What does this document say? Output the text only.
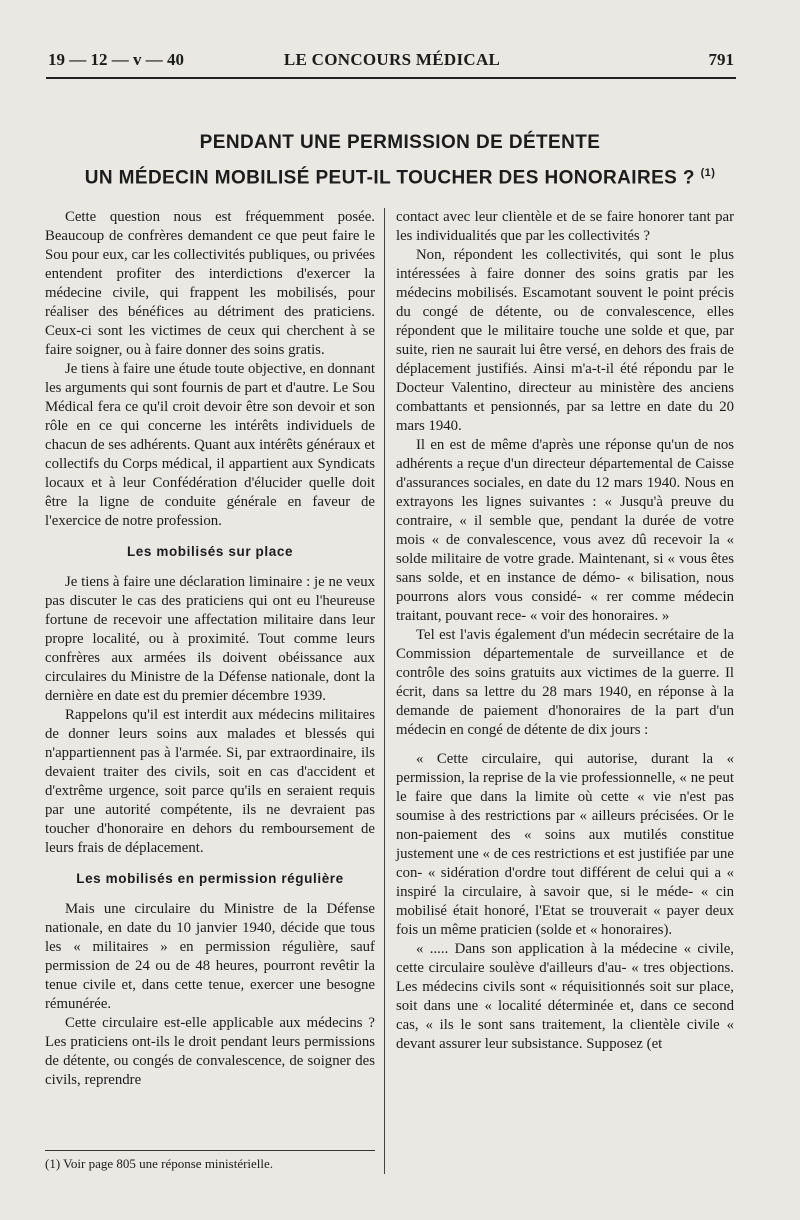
19 — 12 — v — 40	LE CONCOURS MÉDICAL	791
PENDANT UNE PERMISSION DE DÉTENTE
UN MÉDECIN MOBILISÉ PEUT-IL TOUCHER DES HONORAIRES ? $^{(1)}$

Cette question nous est fréquemment posée. Beaucoup de confrères demandent ce que peut faire le Sou pour eux, car les collectivités publiques, ou privées entendent profiter des interdictions d'exercer la médecine civile, qui frappent les mobilisés, pour réaliser des bénéfices au détriment des praticiens. Ceux-ci sont les victimes de ceux qui cherchent à se faire soigner, ou à faire donner des soins gratis.

Je tiens à faire une étude toute objective, en donnant les arguments qui sont fournis de part et d'autre. Le Sou Médical fera ce qu'il croit devoir être son devoir et son rôle en ce qui concerne les intérêts individuels de chacun de ses adhérents. Quant aux intérêts généraux et collectifs du Corps médical, il appartient aux Syndicats locaux et à leur Confédération d'élucider quelle doit être la ligne de conduite générale en faveur de l'exercice de notre profession.

Les mobilisés sur place

Je tiens à faire une déclaration liminaire : je ne veux pas discuter le cas des praticiens qui ont eu l'heureuse fortune de recevoir une affectation militaire dans leur propre localité, ou à proximité. Tout comme leurs confrères aux armées ils doivent obéissance aux circulaires du Ministre de la Défense nationale, dont la dernière en date est du premier décembre 1939.

Rappelons qu'il est interdit aux médecins militaires de donner leurs soins aux malades et blessés qui n'appartiennent pas à l'armée. Si, par extraordinaire, ils devaient traiter des civils, soit en cas d'accident et d'extrême urgence, soit parce qu'ils en seraient requis par une autorité compétente, ils ne devraient pas toucher d'honoraire en dehors du remboursement de leurs frais de déplacement.

Les mobilisés en permission régulière

Mais une circulaire du Ministre de la Défense nationale, en date du 10 janvier 1940, décide que tous les « militaires » en permission régulière, sauf permission de 24 ou de 48 heures, pourront revêtir la tenue civile et, dans cette tenue, exercer une besogne rémunérée.

Cette circulaire est-elle applicable aux médecins ? Les praticiens ont-ils le droit pendant leurs permissions de détente, ou congés de convalescence, de soigner des civils, reprendre

contact avec leur clientèle et de se faire honorer tant par les individualités que par les collectivités ?

Non, répondent les collectivités, qui sont le plus intéressées à faire donner des soins gratis par les médecins mobilisés. Escamotant souvent le point précis du congé de détente, ou de convalescence, elles répondent que le militaire touche une solde et que, par suite, rien ne saurait lui être versé, en dehors des frais de déplacement justifiés. Ainsi m'a-t-il été répondu par le Docteur Valentino, directeur au ministère des anciens combattants et pensionnés, par sa lettre en date du 20 mars 1940.

Il en est de même d'après une réponse qu'un de nos adhérents a reçue d'un directeur départemental de Caisse d'assurances sociales, en date du 12 mars 1940. Nous en extrayons les lignes suivantes : « Jusqu'à preuve du contraire, « il semble que, pendant la durée de votre mois « de convalescence, vous avez dû recevoir la « solde militaire de votre grade. Maintenant, si « vous êtes sans solde, et en instance de démo- « bilisation, nous pourrons alors vous considé- « rer comme médecin traitant, pouvant rece- « voir des honoraires. »

Tel est l'avis également d'un médecin secrétaire de la Commission départementale de surveillance et de contrôle des soins gratuits aux victimes de la guerre. Il écrit, dans sa lettre du 28 mars 1940, en réponse à la demande de paiement d'honoraires de la part d'un médecin en congé de détente de dix jours :

« Cette circulaire, qui autorise, durant la « permission, la reprise de la vie professionnelle, « ne peut le faire que dans la limite où cette « vie n'est pas soumise à des restrictions par « ailleurs précisées. Or le non-paiement des « soins aux mutilés constitue justement une « de ces restrictions et est justifiée par une con- « sidération d'ordre tout différent de celui qui a « inspiré la circulaire, à savoir que, si le méde- « cin mobilisé était honoré, l'Etat se trouverait « payer deux fois un même praticien (solde et « honoraires).

« ..... Dans son application à la médecine « civile, cette circulaire soulève d'ailleurs d'au- « tres objections. Les médecins civils sont « réquisitionnés soit sur place, soit dans une « localité déterminée et, dans ce second cas, « ils le sont sans traitement, la clientèle civile « devant assurer leur subsistance. Supposez (et

(1) Voir page 805 une réponse ministérielle.
